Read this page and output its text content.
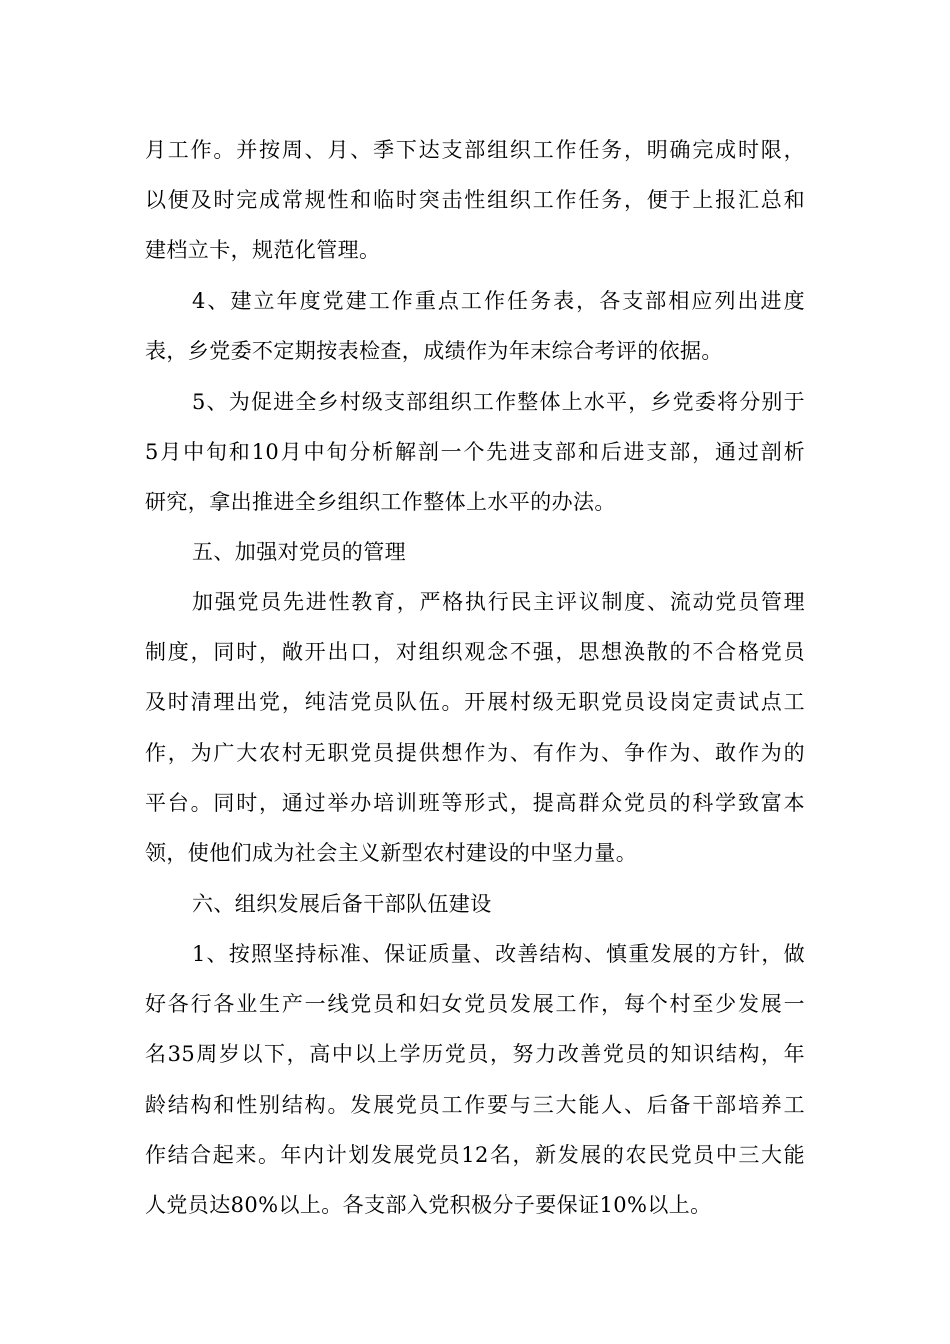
月工作。并按周、月、季下达支部组织工作任务，明确完成时限，
以便及时完成常规性和临时突击性组织工作任务，便于上报汇总和
建档立卡，规范化管理。
4、建立年度党建工作重点工作任务表，各支部相应列出进度
表，乡党委不定期按表检查，成绩作为年末综合考评的依据。
5、为促进全乡村级支部组织工作整体上水平，乡党委将分别于
5月中旬和10月中旬分析解剖一个先进支部和后进支部，通过剖析
研究，拿出推进全乡组织工作整体上水平的办法。
五、加强对党员的管理
加强党员先进性教育，严格执行民主评议制度、流动党员管理
制度，同时，敞开出口，对组织观念不强，思想涣散的不合格党员
及时清理出党，纯洁党员队伍。开展村级无职党员设岗定责试点工
作，为广大农村无职党员提供想作为、有作为、争作为、敢作为的
平台。同时，通过举办培训班等形式，提高群众党员的科学致富本
领，使他们成为社会主义新型农村建设的中坚力量。
六、组织发展后备干部队伍建设
1、按照坚持标准、保证质量、改善结构、慎重发展的方针，做
好各行各业生产一线党员和妇女党员发展工作，每个村至少发展一
名35周岁以下，高中以上学历党员，努力改善党员的知识结构，年
龄结构和性别结构。发展党员工作要与三大能人、后备干部培养工
作结合起来。年内计划发展党员12名，新发展的农民党员中三大能
人党员达80%以上。各支部入党积极分子要保证10%以上。
